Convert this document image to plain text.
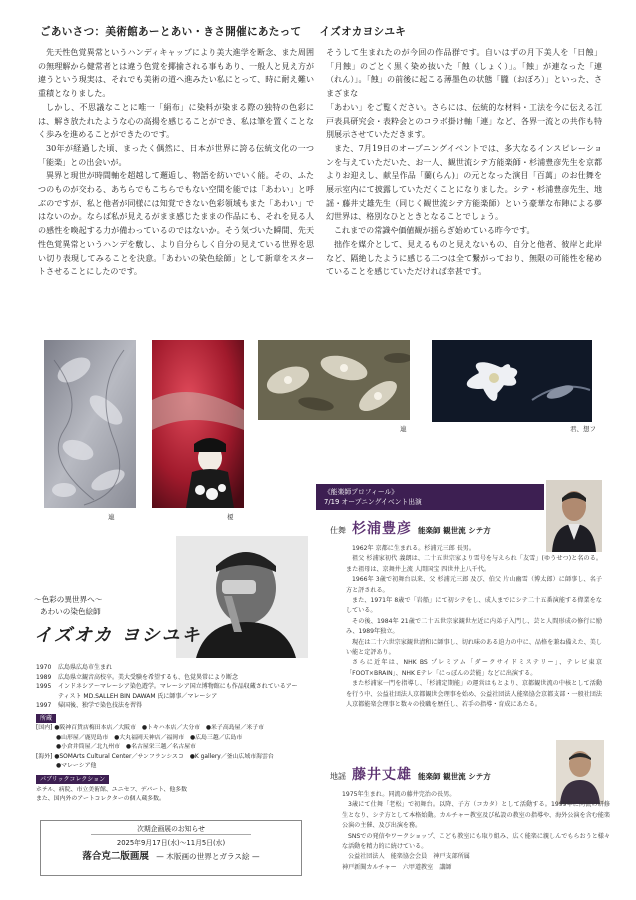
ごあいさつ：美術館あーとあい・きさ開催にあたって イズオカヨシユキ

先天性色覚異常というハンディキャップにより美大進学を断念、また周囲の無理解から健常者とは違う色覚を揶揄される事もあり、一般人と見え方が違うという現実は、それでも美術の道へ進みたい私にとって、時に耐え難い重積となりました。

しかし、不思議なことに唯一「絹布」に染料が染まる際の独特の色彩には、解き放たれたような心の高揚を感じることができ、私は筆を置くことなく歩みを進めることができたのです。

30年が経過した頃、まったく偶然に、日本が世界に誇る伝統文化の一つ「能楽」との出会いが。

異界と現世が時間軸を超越して邂逅し、物語を紡いでいく能。その、ふたつのものが交わる、あちらでもこちらでもない空間を能では「あわい」と呼ぶのですが、私と他者が同様には知覚できない色彩領域もまた「あわい」ではないのか。ならば私が見えるがまま感じたままの作品にも、それを見る人の感性を喚起する力が備わっているのではないか。そう気づいた瞬間、先天性色覚異常というハンデを敷し、より自分らしく自分の見えている世界を思い切り表現してみることを決意。「あわいの染色絵師」として新章をスタートさせることにしたのです。

そうして生まれたのが今回の作品群です。自いはずの月下美人を「日蝕」「月蝕」のごとく黒く染め抜いた「蝕（しょく）」。「蝕」が連なった「連（れん）」。「蝕」の前後に起こる薄墨色の状態「朧（おぼろ）」といった、さまざまな

「あわい」をご覧ください。さらには、伝統的な材料・工法を今に伝える江戸表具研究会・表粋会とのコラボ掛け軸「連」など、各界一流との共作も特別展示させていただきます。

また、7月19日のオープニングイベントでは、多大なるインスピレーションを与えていただいた、お一人、観世流シテ方能楽師・杉浦豊彦先生を京都よりお迎えし、献呈作品「蘭(らん)」の元となった演目「百萬」のお仕舞を展示室内にて披露していただくことになりました。シテ・杉浦豊彦先生、地謡・藤井丈雄先生（同じく観世流シテ方能楽師）という豪華な布陣による夢幻世界は、格別なひとときとなることでしょう。

これまでの常識や価値観が揺らぎ始めている昨今です。

拙作を媒介として、見えるものと見えないもの、自分と他者、彼岸と此岸など、隔絶したように感じる二つは全て繋がっており、無限の可能性を秘めていることを感じていただければ幸甚です。

連	榎
連	君、想フ
〜色彩の異世界へ〜
あわいの染色絵師
イズオカ ヨシユキ
1970	広島県広島市生まれ
1989	広島県立観音高校卒。美大受験を希望するも、色覚異常により断念
1995	インドネシア〜マレーシア染色遊学。マレーシア国立博物館にも作品収蔵されているアーティスト MD.SALLEH BIN DAWAM 氏に師事／マレーシア
1997	帰国後、独学で染色技法を習得
所蔵
[国内] ●阪神百貨店梅田本店／大阪市　●トキハ本店／大分市　●米子高島屋／米子市
●山形屋／鹿児島市　●大丸福岡天神店／福岡市　●広島三越／広島市
●小倉井筒屋／北九州市　●名古屋栄三越／名古屋市
[海外] ●SOMArts Cultural Center／サンフランシスコ　●K gallery／釜山広域市海雲台
●マレーシア他
パブリックコレクション
ホテル、病院、市立美術館、ユニセフ、デパート、他多数
また、国内外のアートコレクターの個人蔵多数。
次期企画展のお知らせ
2025年9月17日(水)〜11月5日(水)
落合克二版画展 — 木版画の世界とガラス絵 —
《能楽師プロフィール》
7/19 オープニングイベント出演
仕舞 杉浦豊彦 能楽師 観世流 シテ方

1962年 京都に生まれる。杉浦元三郎 長男。

祖父 杉浦家初代 義朗は、二十五世宗家より雪号を与えられ「友雪」(ゆうせつ)と名のる。また祖母は、京舞井上流 人間国宝 四世井上八千代。

1966年 3歳で初舞台以来、父 杉浦元三郎 及び、伯父 片山幽雪（博太郎）に師事し、名子方と評される。

また、1971年 8歳で「岩船」にて初シテをし、成人までにシテ二十五番演能する偉業をなしている。

その後、1984年 21歳で二十五世宗家観世左近に内弟子入門し、芸と人間形成の修行に励み、1989年独立。

現在は二十六世宗家観世清和に師事し、切れ味のある迫力の中に、品格を兼ね備えた、美しい能と定評あり。

さらに近年は、NHK BS プレミアム「ダークサイドミステリー」、テレビ東京「FOOT×BRAIN」、NHK Eテレ「にっぽんの芸能」などに出演する。

また杉浦家一門を指導し、「杉浦定期能」の運営はもとより、京都観世流の中核として活動を行う中、公益社団法人京都観世会理事を始め、公益社団法人能楽協会京都支部・一般社団法人京都能楽会理事と数々の役職を歴任し、若手の指導・育成にあたる。

地謡 藤井丈雄 能楽師 観世流 シテ方

1975年生まれ。同流の藤井完治の長男。

3歳にて仕舞「老松」で初舞台。以降、子方（コカタ）として活動する。1999年に同流の研修生となり、シテ方として本格始動。カルチャー教室及び私設の教室の指導や、海外公演を含む能楽公演の主催、及び出演を務。

SNSでの発信やワークショップ、こども教室にも取り組み、広く能楽に親しんでもらおうと様々な活動を精力的に続けている。

公益社団法人　能楽協会会員　神戸支部所属

神戸新聞カルチャー　六甲道教室　講師
